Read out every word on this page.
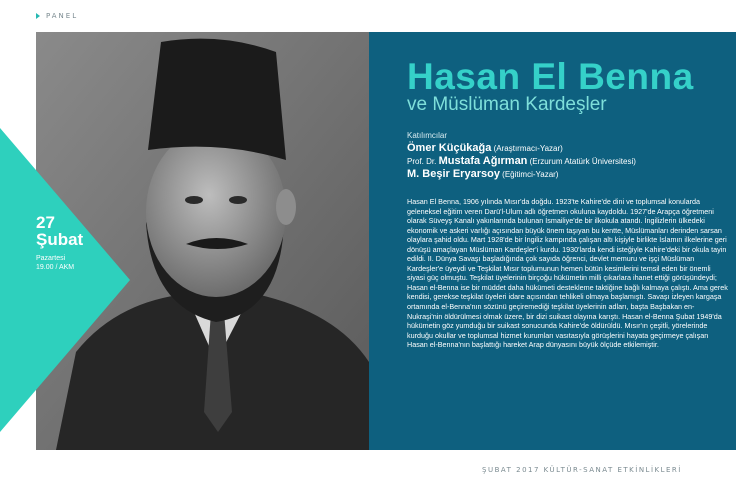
PANEL
Hasan El Benna
ve Müslüman Kardeşler
Katılımcılar
Ömer Küçükağa (Araştırmacı-Yazar)
Prof. Dr. Mustafa Ağırman (Erzurum Atatürk Üniversitesi)
M. Beşir Eryarsoy (Eğitimci-Yazar)

Hasan El Benna, 1906 yılında Mısır'da doğdu. 1923'te Kahire'de dini ve toplumsal konularda geleneksel eğitim veren Darü'l-Ulum adlı öğretmen okuluna kaydoldu. 1927'de Arapça öğretmeni olarak Süveyş Kanalı yakınlarında bulunan İsmailiye'de bir ilkokula atandı. İngilizlerin ülkedeki ekonomik ve askeri varlığı açısından büyük önem taşıyan bu kentte, Müslümanları derinden sarsan olaylara şahid oldu. Mart 1928'de bir İngiliz kampında çalışan altı kişiyle birlikte İslamın ilkelerine geri dönüşü amaçlayan Müslüman Kardeşler'i kurdu. 1930'larda kendi isteğiyle Kahire'deki bir okula tayin edildi. II. Dünya Savaşı başladığında çok sayıda öğrenci, devlet memuru ve işçi Müslüman Kardeşler'e üyeydi ve Teşkilat Mısır toplumunun hemen bütün kesimlerini temsil eden bir önemli siyasi güç olmuştu. Teşkilat üyelerinin birçoğu hükümetin milli çıkarlara ihanet ettiği görüşündeydi; Hasan el-Benna ise bir müddet daha hükümeti destekleme taktiğine bağlı kalmaya çalıştı. Ama gerek kendisi, gerekse teşkilat üyeleri idare açısından tehlikeli olmaya başlamıştı. Savaşı izleyen kargaşa ortamında el-Benna'nın sözünü geçiremediği teşkilat üyelerinin adları, başta Başbakan en-Nukraşi'nin öldürülmesi olmak üzere, bir dizi suikast olayına karıştı. Hasan el-Benna Şubat 1949'da hükümetin göz yumduğu bir suikast sonucunda Kahire'de öldürüldü. Mısır'ın çeşitli, yörelerinde kurduğu okullar ve toplumsal hizmet kurumları vasıtasıyla görüşlerini hayata geçirmeye çalışan Hasan el-Benna'nın başlattığı hareket Arap dünyasını büyük ölçüde etkilemiştir.

27
Şubat
Pazartesi
19.00 / AKM
ŞUBAT 2017 KÜLTÜR-SANAT ETKİNLİKLERİ
